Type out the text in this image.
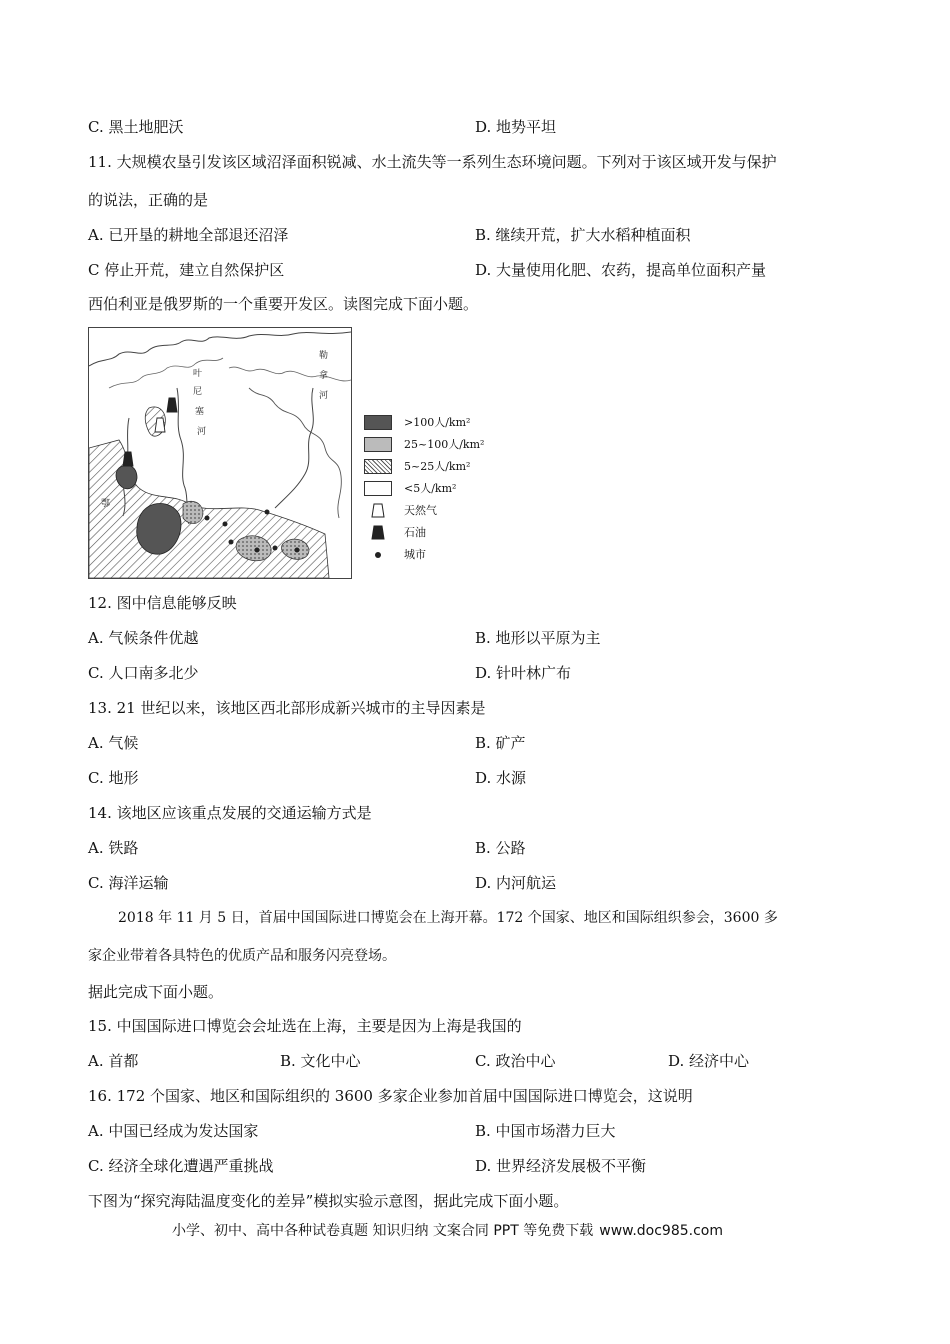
C. 黑土地肥沃	D. 地势平坦
11. 大规模农垦引发该区域沼泽面积锐减、水土流失等一系列生态环境问题。下列对于该区域开发与保护
的说法，正确的是
A. 已开垦的耕地全部退还沼泽	B. 继续开荒，扩大水稻种植面积
C 停止开荒，建立自然保护区	D. 大量使用化肥、农药，提高单位面积产量
西伯利亚是俄罗斯的一个重要开发区。读图完成下面小题。
叶
尼
塞
河
勒
拿
河
鄂
>100人/km²
25~100人/km²
5~25人/km²
<5人/km²
天然气
石油
城市
12. 图中信息能够反映
A. 气候条件优越	B. 地形以平原为主
C. 人口南多北少	D. 针叶林广布
13. 21 世纪以来，该地区西北部形成新兴城市的主导因素是
A. 气候	B. 矿产
C. 地形	D. 水源
14. 该地区应该重点发展的交通运输方式是
A. 铁路	B. 公路
C. 海洋运输	D. 内河航运
2018 年 11 月 5 日，首届中国国际进口博览会在上海开幕。172 个国家、地区和国际组织参会，3600 多
家企业带着各具特色的优质产品和服务闪亮登场。
据此完成下面小题。
15. 中国国际进口博览会会址选在上海，主要是因为上海是我国的
A. 首都	B. 文化中心	C. 政治中心	D. 经济中心
16. 172 个国家、地区和国际组织的 3600 多家企业参加首届中国国际进口博览会，这说明
A. 中国已经成为发达国家	B. 中国市场潜力巨大
C. 经济全球化遭遇严重挑战	D. 世界经济发展极不平衡
下图为“探究海陆温度变化的差异”模拟实验示意图，据此完成下面小题。
小学、初中、高中各种试卷真题 知识归纳 文案合同 PPT 等免费下载 www.doc985.com
